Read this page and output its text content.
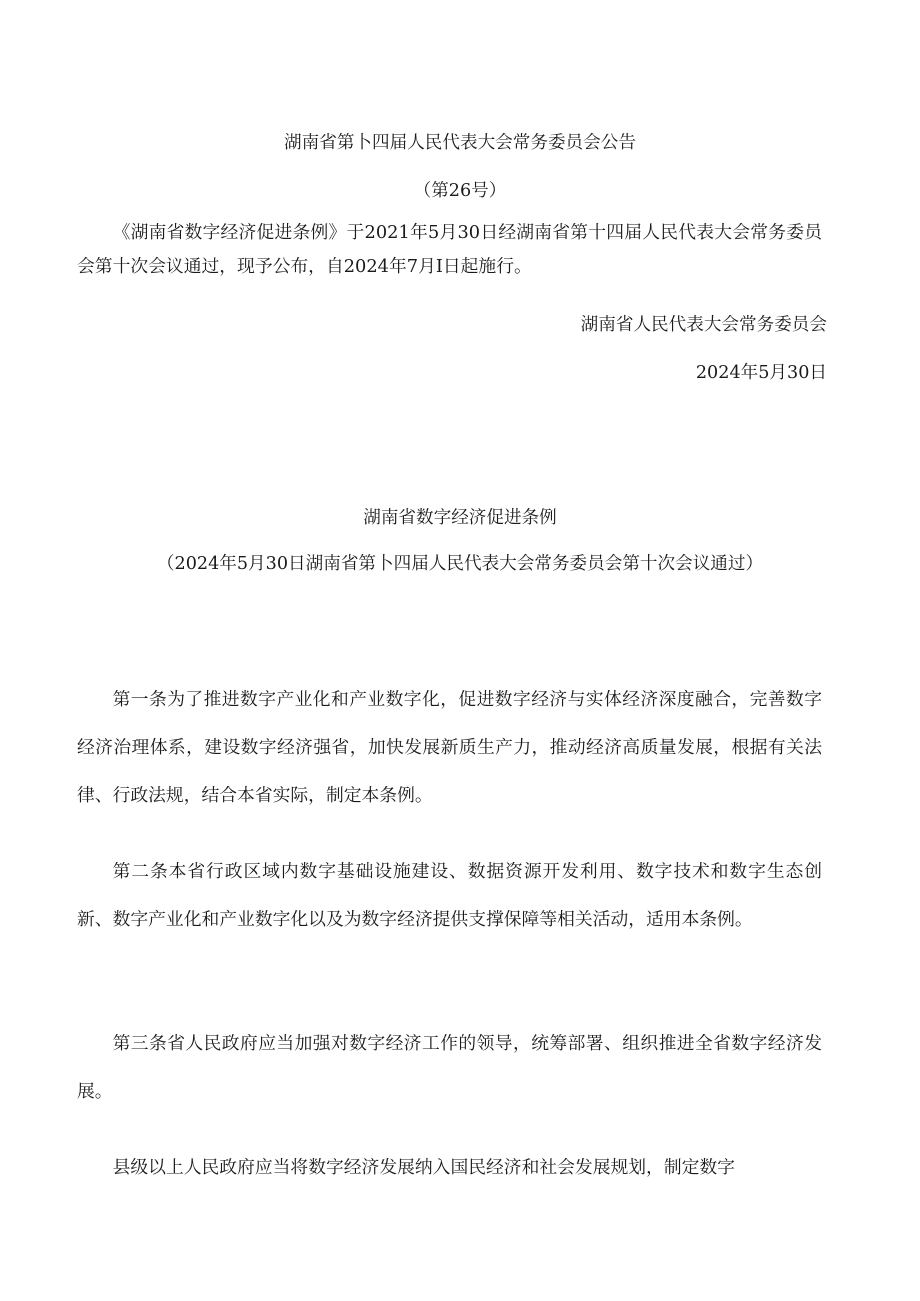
湖南省第卜四届人民代表大会常务委员会公告

（第26号）

《湖南省数字经济促进条例》于2021年5月30日经湖南省第十四届人民代表大会常务委员会第十次会议通过，现予公布，自2024年7月I日起施行。

湖南省人民代表大会常务委员会

2024年5月30日

湖南省数字经济促进条例

（2024年5月30日湖南省第卜四届人民代表大会常务委员会第十次会议通过）

第一条为了推进数字产业化和产业数字化，促进数字经济与实体经济深度融合，完善数字经济治理体系，建设数字经济强省，加快发展新质生产力，推动经济高质量发展，根据有关法律、行政法规，结合本省实际，制定本条例。

第二条本省行政区域内数字基础设施建设、数据资源开发利用、数字技术和数字生态创新、数字产业化和产业数字化以及为数字经济提供支撑保障等相关活动，适用本条例。

第三条省人民政府应当加强对数字经济工作的领导，统筹部署、组织推进全省数字经济发展。

县级以上人民政府应当将数字经济发展纳入国民经济和社会发展规划，制定数字
